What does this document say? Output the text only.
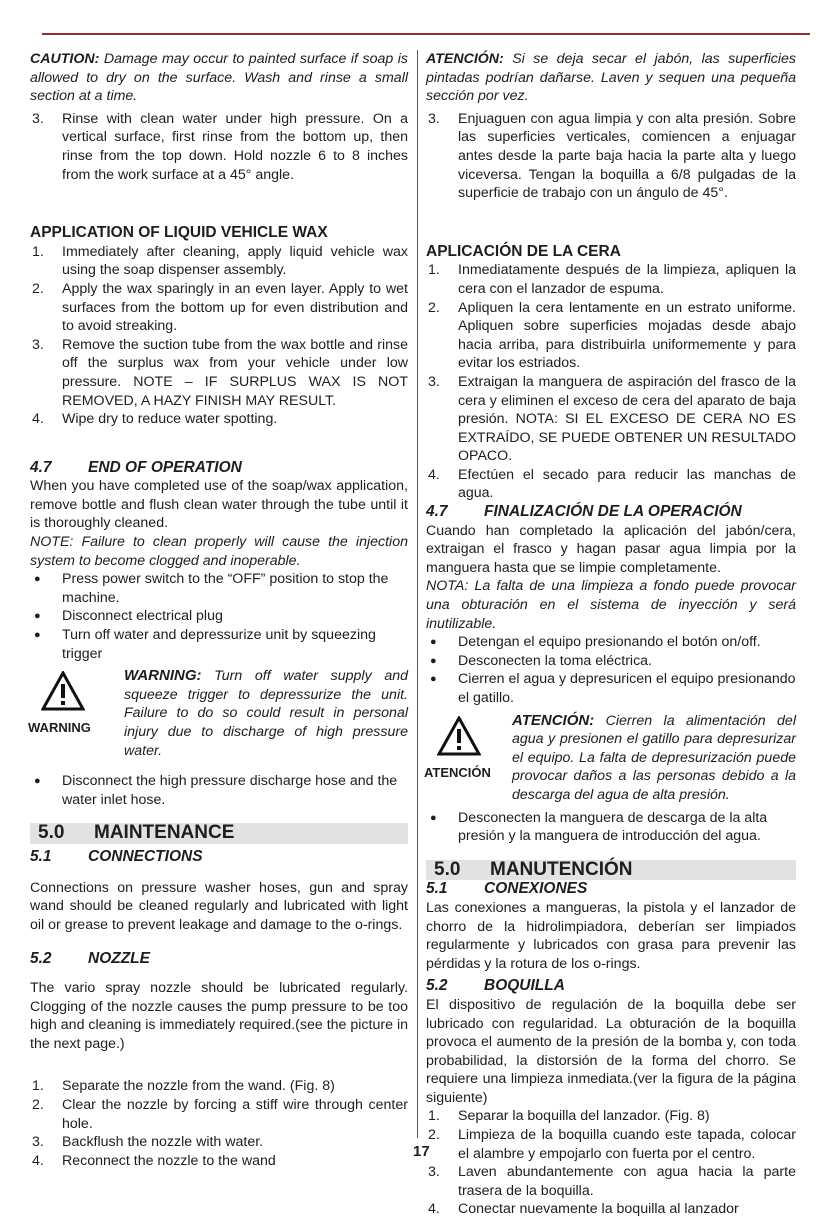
CAUTION: Damage may occur to painted surface if soap is allowed to dry on the surface. Wash and rinse a small section at a time.

3. Rinse with clean water under high pressure. On a vertical surface, first rinse from the bottom up, then rinse from the top down. Hold nozzle 6 to 8 inches from the work surface at a 45° angle.

APPLICATION OF LIQUID VEHICLE WAX

1. Immediately after cleaning, apply liquid vehicle wax using the soap dispenser assembly.
2. Apply the wax sparingly in an even layer. Apply to wet surfaces from the bottom up for even distribution and to avoid streaking.
3. Remove the suction tube from the wax bottle and rinse off the surplus wax from your vehicle under low pressure. NOTE – IF SURPLUS WAX IS NOT REMOVED, A HAZY FINISH MAY RESULT.
4. Wipe dry to reduce water spotting.

4.7 END OF OPERATION

When you have completed use of the soap/wax application, remove bottle and flush clean water through the tube until it is thoroughly cleaned.

NOTE: Failure to clean properly will cause the injection system to become clogged and inoperable.

● Press power switch to the “OFF” position to stop the machine.
● Disconnect electrical plug
● Turn off water and depressurize unit by squeezing trigger
WARNING
WARNING: Turn off water supply and squeeze trigger to depressurize the unit. Failure to do so could result in personal injury due to discharge of high pressure water.
● Disconnect the high pressure discharge hose and the water inlet hose.

5.0 MAINTENANCE

5.1 CONNECTIONS

Connections on pressure washer hoses, gun and spray wand should be cleaned regularly and lubricated with light oil or grease to prevent leakage and damage to the o-rings.

5.2 NOZZLE

The vario spray nozzle should be lubricated regularly. Clogging of the nozzle causes the pump pressure to be too high and cleaning is immediately required.(see the picture in the next page.)

1. Separate the nozzle from the wand. (Fig. 8)
2. Clear the nozzle by forcing a stiff wire through center hole.
3. Backflush the nozzle with water.
4. Reconnect the nozzle to the wand

ATENCIÓN: Si se deja secar el jabón, las superficies pintadas podrían dañarse. Laven y sequen una pequeña sección por vez.

3. Enjuaguen con agua limpia y con alta presión. Sobre las superficies verticales, comiencen a enjuagar antes desde la parte baja hacia la parte alta y luego viceversa. Tengan la boquilla a 6/8 pulgadas de la superficie de trabajo con un ángulo de 45°.

APLICACIÓN DE LA CERA

1. Inmediatamente después de la limpieza, apliquen la cera con el lanzador de espuma.
2. Apliquen la cera lentamente en un estrato uniforme. Apliquen sobre superficies mojadas desde abajo hacia arriba, para distribuirla uniformemente y para evitar los estriados.
3. Extraigan la manguera de aspiración del frasco de la cera y eliminen el exceso de cera del aparato de baja presión. NOTA: SI EL EXCESO DE CERA NO ES EXTRAÍDO, SE PUEDE OBTENER UN RESULTADO OPACO.
4. Efectúen el secado para reducir las manchas de agua.

4.7 FINALIZACIÓN DE LA OPERACIÓN

Cuando han completado la aplicación del jabón/cera, extraigan el frasco y hagan pasar agua limpia por la manguera hasta que se limpie completamente.

NOTA: La falta de una limpieza a fondo puede provocar una obturación en el sistema de inyección y será inutilizable.

● Detengan el equipo presionando el botón on/off.
● Desconecten la toma eléctrica.
● Cierren el agua y depresuricen el equipo presionando el gatillo.
ATENCIÓN
ATENCIÓN: Cierren la alimentación del agua y presionen el gatillo para depresurizar el equipo. La falta de depresurización puede provocar daños a las personas debido a la descarga del agua de alta presión.
● Desconecten la manguera de descarga de la alta presión y la manguera de introducción del agua.

5.0 MANUTENCIÓN

5.1 CONEXIONES

Las conexiones a mangueras, la pistola y el lanzador de chorro de la hidrolimpiadora, deberían ser limpiados regularmente y lubricados con grasa para prevenir las pérdidas y la rotura de los o-rings.

5.2 BOQUILLA

El dispositivo de regulación de la boquilla debe ser lubricado con regularidad. La obturación de la boquilla provoca el aumento de la presión de la bomba y, con toda probabilidad, la distorsión de la forma del chorro. Se requiere una limpieza inmediata.(ver la figura de la página siguiente)

1. Separar la boquilla del lanzador. (Fig. 8)
2. Limpieza de la boquilla cuando este tapada, colocar el alambre y empojarlo con fuerta por el centro.
3. Laven abundantemente con agua hacia la parte trasera de la boquilla.
4. Conectar nuevamente la boquilla al lanzador
17
